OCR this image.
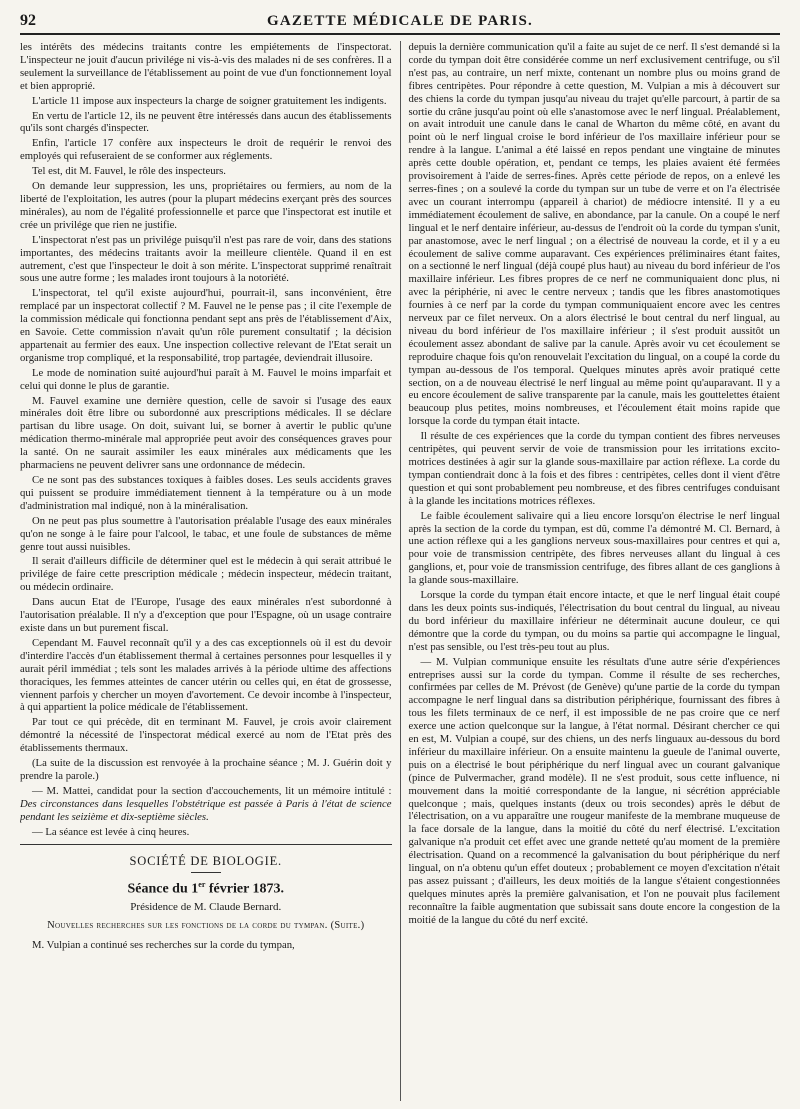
92	GAZETTE MÉDICALE DE PARIS.

les intérêts des médecins traitants contre les empiétements de l'inspectorat. L'inspecteur ne jouit d'aucun privilége ni vis-à-vis des malades ni de ses confrères. Il a seulement la surveillance de l'établissement au point de vue d'un fonctionnement loyal et bien approprié.

L'article 11 impose aux inspecteurs la charge de soigner gratuitement les indigents.

En vertu de l'article 12, ils ne peuvent être intéressés dans aucun des établissements qu'ils sont chargés d'inspecter.

Enfin, l'article 17 confère aux inspecteurs le droit de requérir le renvoi des employés qui refuseraient de se conformer aux réglements.

Tel est, dit M. Fauvel, le rôle des inspecteurs.

On demande leur suppression, les uns, propriétaires ou fermiers, au nom de la liberté de l'exploitation, les autres (pour la plupart médecins exerçant près des sources minérales), au nom de l'égalité professionnelle et parce que l'inspectorat est inutile et crée un privilége que rien ne justifie.

L'inspectorat n'est pas un privilége puisqu'il n'est pas rare de voir, dans des stations importantes, des médecins traitants avoir la meilleure clientèle. Quand il en est autrement, c'est que l'inspecteur le doit à son mérite. L'inspectorat supprimé renaîtrait sous une autre forme ; les malades iront toujours à la notoriété.

L'inspectorat, tel qu'il existe aujourd'hui, pourrait-il, sans inconvénient, être remplacé par un inspectorat collectif ? M. Fauvel ne le pense pas ; il cite l'exemple de la commission médicale qui fonctionna pendant sept ans près de l'établissement d'Aix, en Savoie. Cette commission n'avait qu'un rôle purement consultatif ; la décision appartenait au fermier des eaux. Une inspection collective relevant de l'Etat serait un organisme trop compliqué, et la responsabilité, trop partagée, deviendrait illusoire.

Le mode de nomination suité aujourd'hui paraît à M. Fauvel le moins imparfait et celui qui donne le plus de garantie.

M. Fauvel examine une dernière question, celle de savoir si l'usage des eaux minérales doit être libre ou subordonné aux prescriptions médicales. Il se déclare partisan du libre usage. On doit, suivant lui, se borner à avertir le public qu'une médication thermo-minérale mal appropriée peut avoir des conséquences graves pour la santé. On ne saurait assimiler les eaux minérales aux médicaments que les pharmaciens ne peuvent delivrer sans une ordonnance de médecin.

Ce ne sont pas des substances toxiques à faibles doses. Les seuls accidents graves qui puissent se produire immédiatement tiennent à la température ou à un mode d'administration mal indiqué, non à la minéralisation.

On ne peut pas plus soumettre à l'autorisation préalable l'usage des eaux minérales qu'on ne songe à le faire pour l'alcool, le tabac, et une foule de substances de même genre tout aussi nuisibles.

Il serait d'ailleurs difficile de déterminer quel est le médecin à qui serait attribué le privilége de faire cette prescription médicale ; médecin inspecteur, médecin traitant, ou médecin ordinaire.

Dans aucun Etat de l'Europe, l'usage des eaux minérales n'est subordonné à l'autorisation préalable. Il n'y a d'exception que pour l'Espagne, où un usage contraire existe dans un but purement fiscal.

Cependant M. Fauvel reconnaît qu'il y a des cas exceptionnels où il est du devoir d'interdire l'accès d'un établissement thermal à certaines personnes pour lesquelles il y aurait péril immédiat ; tels sont les malades arrivés à la période ultime des affections thoraciques, les femmes atteintes de cancer utérin ou celles qui, en état de grossesse, viennent parfois y chercher un moyen d'avortement. Ce devoir incombe à l'inspecteur, à qui appartient la police médicale de l'établissement.

Par tout ce qui précède, dit en terminant M. Fauvel, je crois avoir clairement démontré la nécessité de l'inspectorat médical exercé au nom de l'Etat près des établissements thermaux.

(La suite de la discussion est renvoyée à la prochaine séance ; M. J. Guérin doit y prendre la parole.)

— M. Mattei, candidat pour la section d'accouchements, lit un mémoire intitulé : Des circonstances dans lesquelles l'obstétrique est passée à Paris à l'état de science pendant les seizième et dix-septième siècles.

— La séance est levée à cinq heures.

SOCIÉTÉ DE BIOLOGIE.

Séance du 1er février 1873.

Présidence de M. Claude Bernard.

Nouvelles recherches sur les fonctions de la corde du tympan. (Suite.)

M. Vulpian a continué ses recherches sur la corde du tympan,

depuis la dernière communication qu'il a faite au sujet de ce nerf. Il s'est demandé si la corde du tympan doit être considérée comme un nerf exclusivement centrifuge, ou s'il n'est pas, au contraire, un nerf mixte, contenant un nombre plus ou moins grand de fibres centripètes. Pour répondre à cette question, M. Vulpian a mis à découvert sur des chiens la corde du tympan jusqu'au niveau du trajet qu'elle parcourt, à partir de sa sortie du crâne jusqu'au point où elle s'anastomose avec le nerf lingual. Préalablement, on avait introduit une canule dans le canal de Wharton du même côté, en avant du point où le nerf lingual croise le bord inférieur de l'os maxillaire inférieur pour se rendre à la langue. L'animal a été laissé en repos pendant une vingtaine de minutes après cette double opération, et, pendant ce temps, les plaies avaient été fermées provisoirement à l'aide de serres-fines. Après cette période de repos, on a enlevé les serres-fines ; on a soulevé la corde du tympan sur un tube de verre et on l'a électrisée avec un courant interrompu (appareil à chariot) de médiocre intensité. Il y a eu immédiatement écoulement de salive, en abondance, par la canule. On a coupé le nerf lingual et le nerf dentaire inférieur, au-dessus de l'endroit où la corde du tympan s'unit, par anastomose, avec le nerf lingual ; on a électrisé de nouveau la corde, et il y a eu écoulement de salive comme auparavant. Ces expériences préliminaires étant faites, on a sectionné le nerf lingual (déjà coupé plus haut) au niveau du bord inférieur de l'os maxillaire inférieur. Les fibres propres de ce nerf ne communiquaient donc plus, ni avec la périphérie, ni avec le centre nerveux ; tandis que les fibres anastomotiques fournies à ce nerf par la corde du tympan communiquaient encore avec les centres nerveux par ce filet nerveux. On a alors électrisé le bout central du nerf lingual, au niveau du bord inférieur de l'os maxillaire inférieur ; il s'est produit aussitôt un écoulement assez abondant de salive par la canule. Après avoir vu cet écoulement se reproduire chaque fois qu'on renouvelait l'excitation du lingual, on a coupé la corde du tympan au-dessous de l'os temporal. Quelques minutes après avoir pratiqué cette section, on a de nouveau électrisé le nerf lingual au même point qu'auparavant. Il y a eu encore écoulement de salive transparente par la canule, mais les gouttelettes étaient beaucoup plus petites, moins nombreuses, et l'écoulement était moins rapide que lorsque la corde du tympan était intacte.

Il résulte de ces expériences que la corde du tympan contient des fibres nerveuses centripètes, qui peuvent servir de voie de transmission pour les irritations excito-motrices destinées à agir sur la glande sous-maxillaire par action réflexe. La corde du tympan contiendrait donc à la fois et des fibres : centripètes, celles dont il vient d'être question et qui sont probablement peu nombreuse, et des fibres centrifuges conduisant à la glande les incitations motrices réflexes.

Le faible écoulement salivaire qui a lieu encore lorsqu'on électrise le nerf lingual après la section de la corde du tympan, est dû, comme l'a démontré M. Cl. Bernard, à une action réflexe qui a les ganglions nerveux sous-maxillaires pour centres et qui a, pour voie de transmission centripète, des fibres nerveuses allant du lingual à ces ganglions, et, pour voie de transmission centrifuge, des fibres allant de ces ganglions à la glande sous-maxillaire.

Lorsque la corde du tympan était encore intacte, et que le nerf lingual était coupé dans les deux points sus-indiqués, l'électrisation du bout central du lingual, au niveau du bord inférieur du maxillaire inférieur ne déterminait aucune douleur, ce qui démontre que la corde du tympan, ou du moins sa partie qui accompagne le lingual, n'est pas sensible, ou l'est très-peu tout au plus.

— M. Vulpian communique ensuite les résultats d'une autre série d'expériences entreprises aussi sur la corde du tympan. Comme il résulte de ses recherches, confirmées par celles de M. Prévost (de Genève) qu'une partie de la corde du tympan accompagne le nerf lingual dans sa distribution périphérique, fournissant des fibres à tous les filets terminaux de ce nerf, il est impossible de ne pas croire que ce nerf exerce une action quelconque sur la langue, à l'état normal. Désirant chercher ce qui en est, M. Vulpian a coupé, sur des chiens, un des nerfs linguaux au-dessous du bord inférieur du maxillaire inférieur. On a ensuite maintenu la gueule de l'animal ouverte, puis on a électrisé le bout périphérique du nerf lingual avec un courant galvanique (pince de Pulvermacher, grand modèle). Il ne s'est produit, sous cette influence, ni mouvement dans la moitié correspondante de la langue, ni sécrétion appréciable quelconque ; mais, quelques instants (deux ou trois secondes) après le début de l'électrisation, on a vu apparaître une rougeur manifeste de la membrane muqueuse de la face dorsale de la langue, dans la moitié du côté du nerf électrisé. L'excitation galvanique n'a produit cet effet avec une grande netteté qu'au moment de la première électrisation. Quand on a recommencé la galvanisation du bout périphérique du nerf lingual, on n'a obtenu qu'un effet douteux ; probablement ce moyen d'excitation n'était pas assez puissant ; d'ailleurs, les deux moitiés de la langue s'étaient congestionnées quelques minutes après la première galvanisation, et l'on ne pouvait plus facilement reconnaître la faible augmentation que subissait sans doute encore la congestion de la moitié de la langue du côté du nerf excité.
